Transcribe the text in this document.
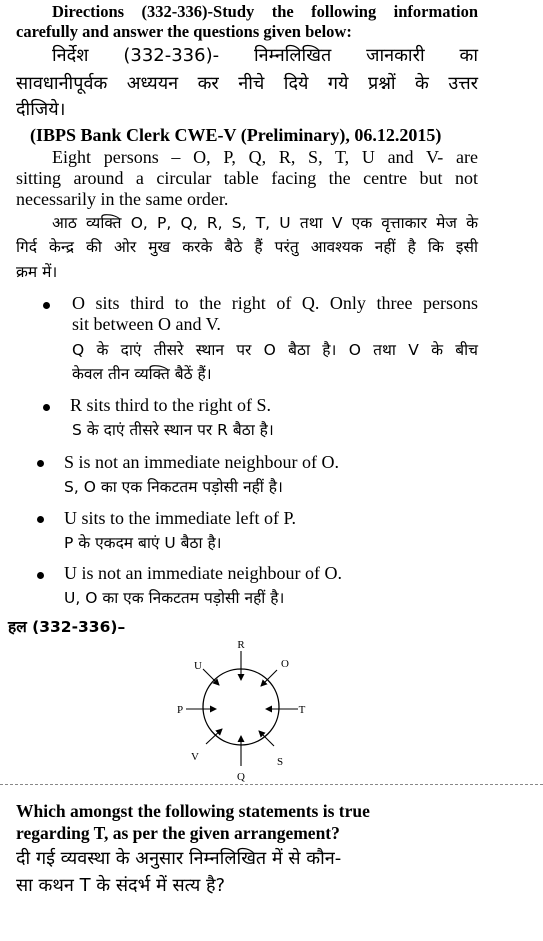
Directions (332-336)-Study the following information
carefully and answer the questions given below:
निर्देश (332-336)- निम्नलिखित जानकारी का
सावधानीपूर्वक अध्ययन कर नीचे दिये गये प्रश्नों के उत्तर
दीजिये।
(IBPS Bank Clerk CWE-V (Preliminary), 06.12.2015)
Eight persons – O, P, Q, R, S, T, U and V- are
sitting around a circular table facing the centre but not
necessarily in the same order.
आठ व्यक्ति O, P, Q, R, S, T, U तथा V एक वृत्ताकार मेज के
गिर्द केन्द्र की ओर मुख करके बैठे हैं परंतु आवश्यक नहीं है कि इसी
क्रम में।
O sits third to the right of Q. Only three persons
sit between O and V.
Q के दाएं तीसरे स्थान पर O बैठा है। O तथा V के बीच
केवल तीन व्यक्ति बैठें हैं।
R sits third to the right of S.
S के दाएं तीसरे स्थान पर R बैठा है।
S is not an immediate neighbour of O.
S, O का एक निकटतम पड़ोसी नहीं है।
U sits to the immediate left of P.
P के एकदम बाएं U बैठा है।
U is not an immediate neighbour of O.
U, O का एक निकटतम पड़ोसी नहीं है।
हल (332-336)–
R
O
T
S
Q
V
P
U
Which amongst the following statements is true
regarding T, as per the given arrangement?
दी गई व्यवस्था के अनुसार निम्नलिखित में से कौन-
सा कथन T के संदर्भ में सत्य है?
